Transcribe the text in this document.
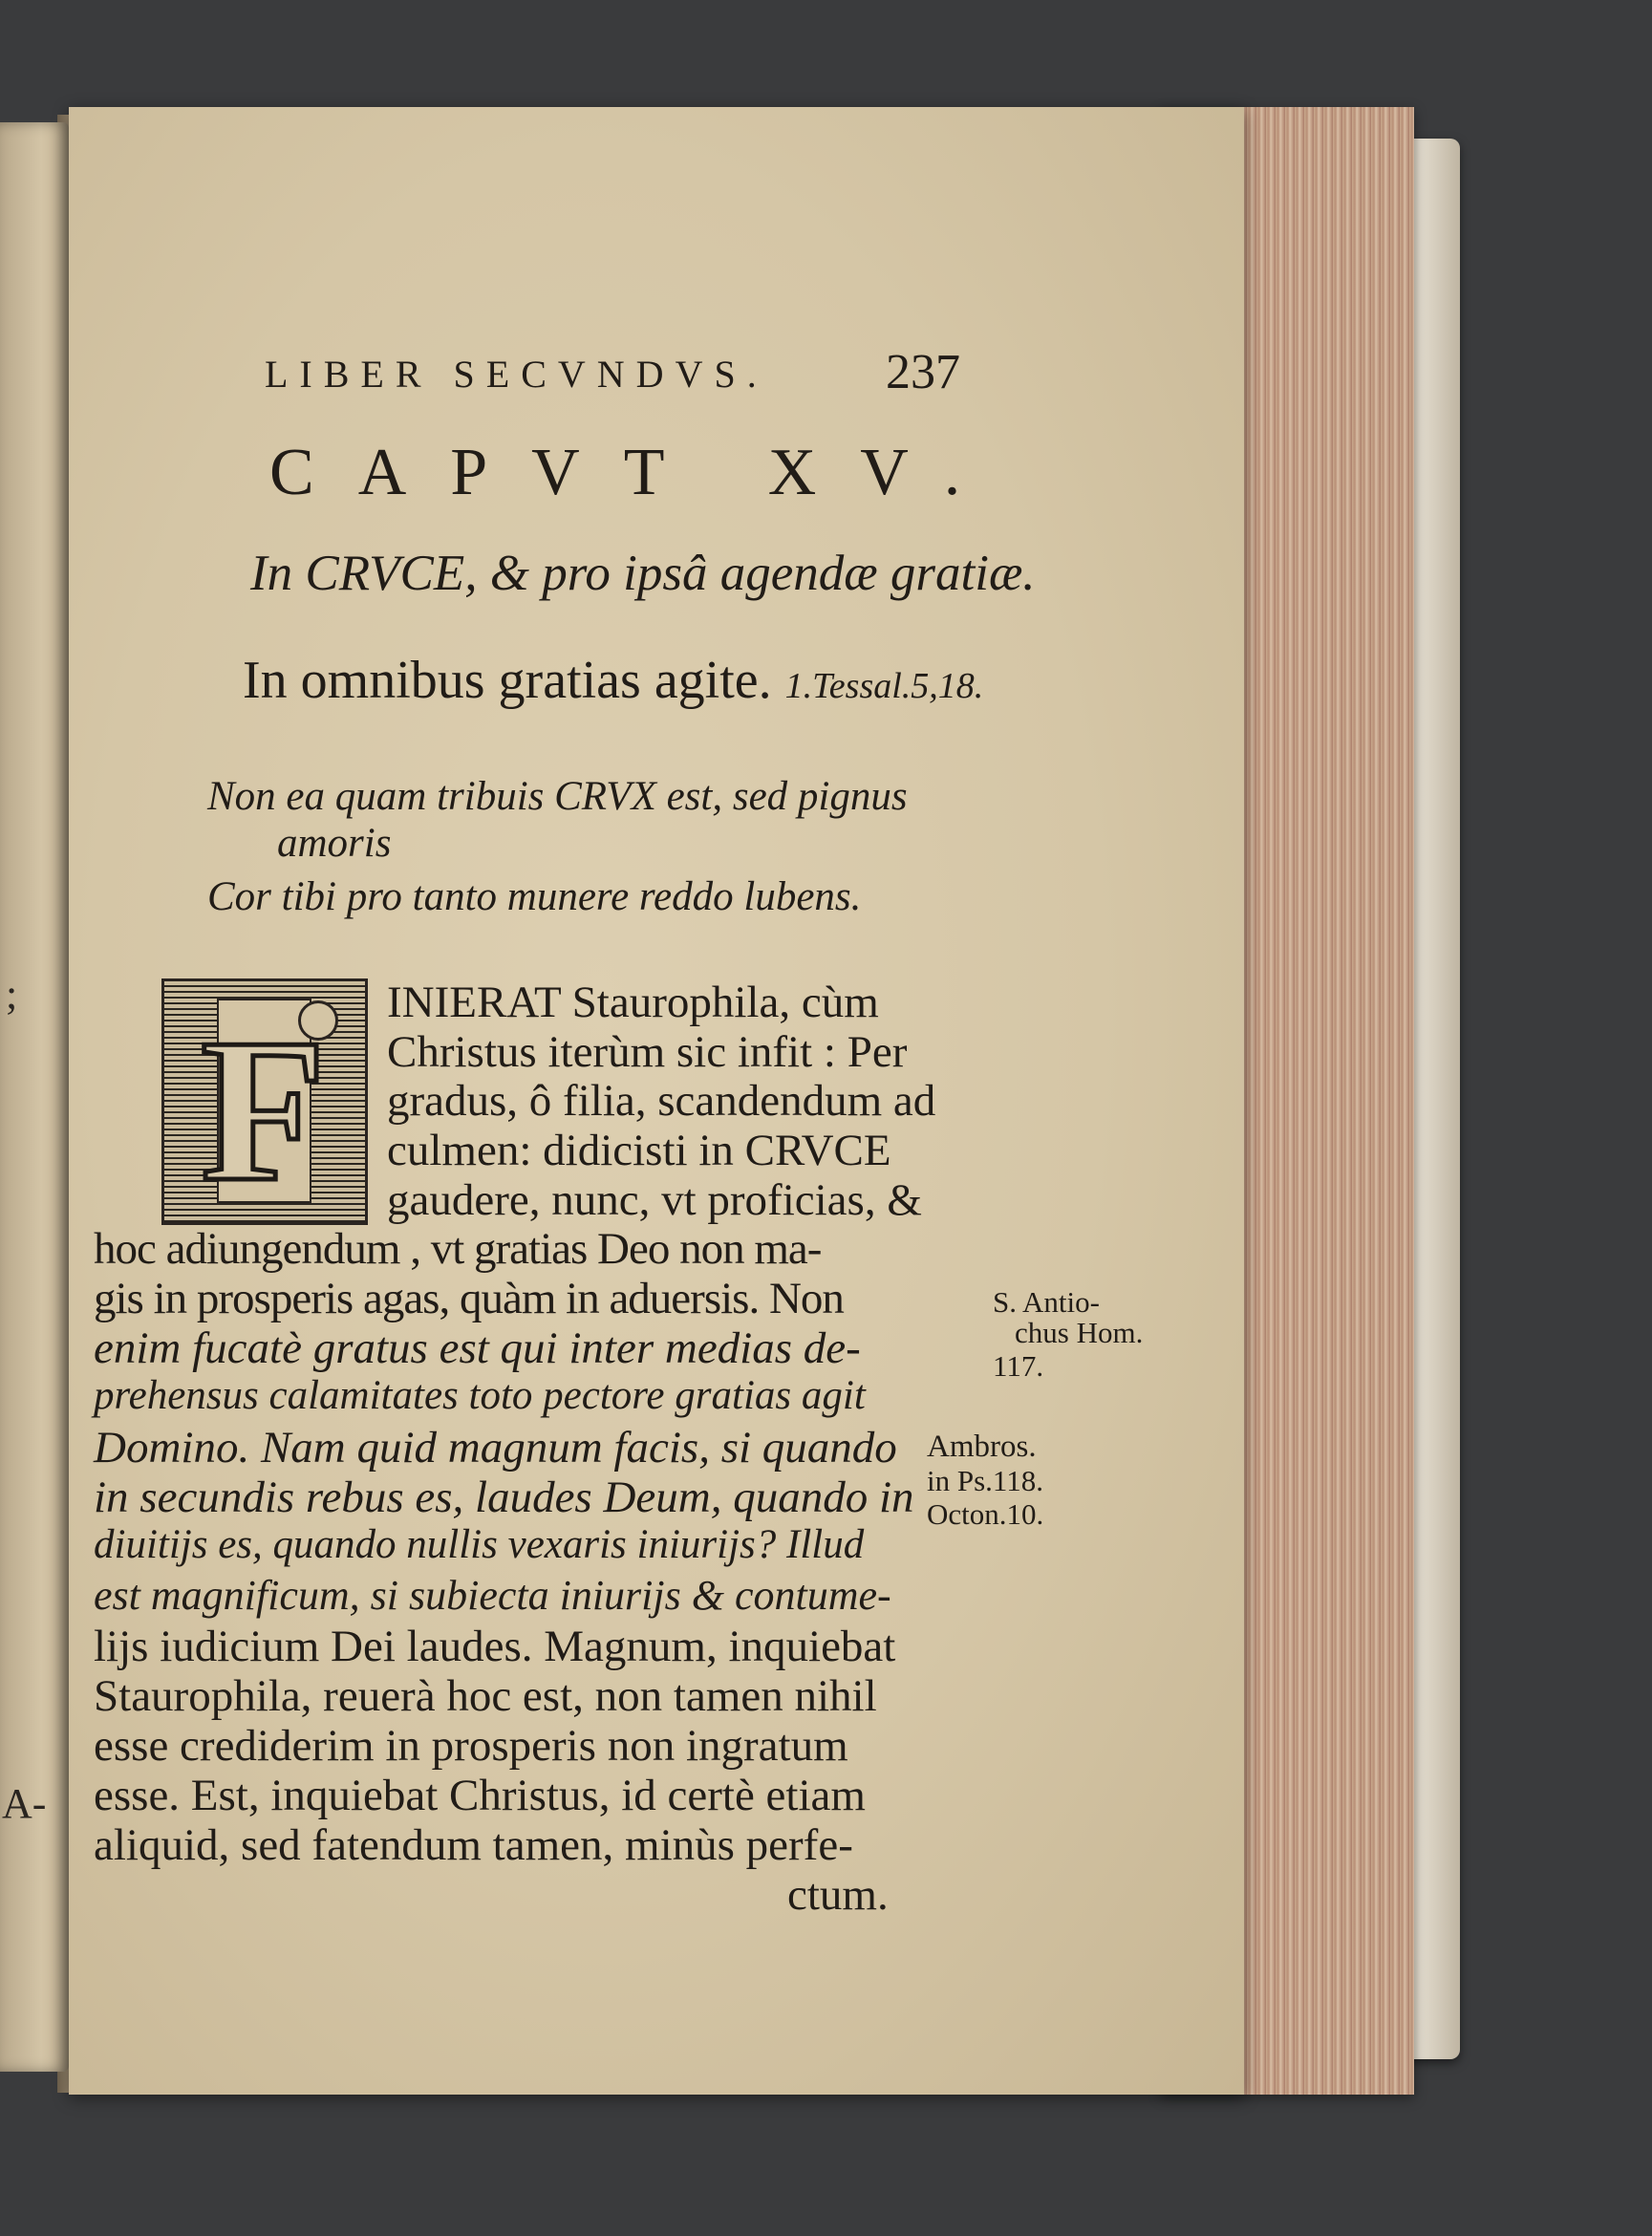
;
A-
LIBER SECVNDVS. 237
CAPVT XV.
In CRVCE, & pro ipsâ agendæ gratiæ.
In omnibus gratias agite. 1.Tessal.5,18.
Non ea quam tribuis CRVX est, sed pignus
amoris
Cor tibi pro tanto munere reddo lubens.
F INIERAT Staurophila, cùm
Christus iterùm sic infit : Per
gradus, ô filia, scandendum ad
culmen: didicisti in CRVCE
gaudere, nunc, vt proficias, &
hoc adiungendum , vt gratias Deo non ma-
gis in prosperis agas, quàm in aduersis. Non
enim fucatè gratus est qui inter medias de-
prehensus calamitates toto pectore gratias agit
Domino. Nam quid magnum facis, si quando
in secundis rebus es, laudes Deum, quando in
diuitijs es, quando nullis vexaris iniurijs? Illud
est magnificum, si subiecta iniurijs & contume-
lijs iudicium Dei laudes. Magnum, inquiebat
Staurophila, reuerà hoc est, non tamen nihil
esse crediderim in prosperis non ingratum
esse. Est, inquiebat Christus, id certè etiam
aliquid, sed fatendum tamen, minùs perfe-
ctum.
S. Antio-
chus Hom.
117.
Ambros.
in Ps.118.
Octon.10.
